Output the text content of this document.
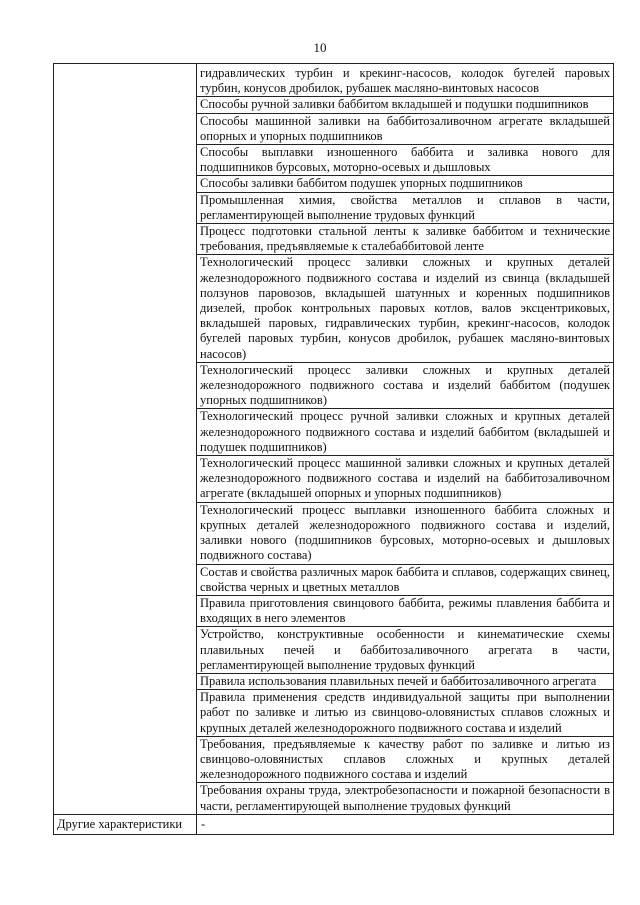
10
гидравлических турбин и крекинг-насосов, колодок бугелей паровых турбин, конусов дробилок, рубашек масляно-винтовых насосов
Способы ручной заливки баббитом вкладышей и подушки подшипников
Способы машинной заливки на баббитозаливочном агрегате вкладышей опорных и упорных подшипников
Способы выплавки изношенного баббита и заливка нового для подшипников бурсовых, моторно-осевых и дышловых
Способы заливки баббитом подушек упорных подшипников
Промышленная химия, свойства металлов и сплавов в части, регламентирующей выполнение трудовых функций
Процесс подготовки стальной ленты к заливке баббитом и технические требования, предъявляемые к сталебаббитовой ленте
Технологический процесс заливки сложных и крупных деталей железнодорожного подвижного состава и изделий из свинца (вкладышей ползунов паровозов, вкладышей шатунных и коренных подшипников дизелей, пробок контрольных паровых котлов, валов эксцентриковых, вкладышей паровых, гидравлических турбин, крекинг-насосов, колодок бугелей паровых турбин, конусов дробилок, рубашек масляно-винтовых насосов)
Технологический процесс заливки сложных и крупных деталей железнодорожного подвижного состава и изделий баббитом (подушек упорных подшипников)
Технологический процесс ручной заливки сложных и крупных деталей железнодорожного подвижного состава и изделий баббитом (вкладышей и подушек подшипников)
Технологический процесс машинной заливки сложных и крупных деталей железнодорожного подвижного состава и изделий на баббитозаливочном агрегате (вкладышей опорных и упорных подшипников)
Технологический процесс выплавки изношенного баббита сложных и крупных деталей железнодорожного подвижного состава и изделий, заливки нового (подшипников бурсовых, моторно-осевых и дышловых подвижного состава)
Состав и свойства различных марок баббита и сплавов, содержащих свинец, свойства черных и цветных металлов
Правила приготовления свинцового баббита, режимы плавления баббита и входящих в него элементов
Устройство, конструктивные особенности и кинематические схемы плавильных печей и баббитозаливочного агрегата в части, регламентирующей выполнение трудовых функций
Правила использования плавильных печей и баббитозаливочного агрегата
Правила применения средств индивидуальной защиты при выполнении работ по заливке и литью из свинцово-оловянистых сплавов сложных и крупных деталей железнодорожного подвижного состава и изделий
Требования, предъявляемые к качеству работ по заливке и литью из свинцово-оловянистых сплавов сложных и крупных деталей железнодорожного подвижного состава и изделий
Требования охраны труда, электробезопасности и пожарной безопасности в части, регламентирующей выполнение трудовых функций
Другие характеристики	-
